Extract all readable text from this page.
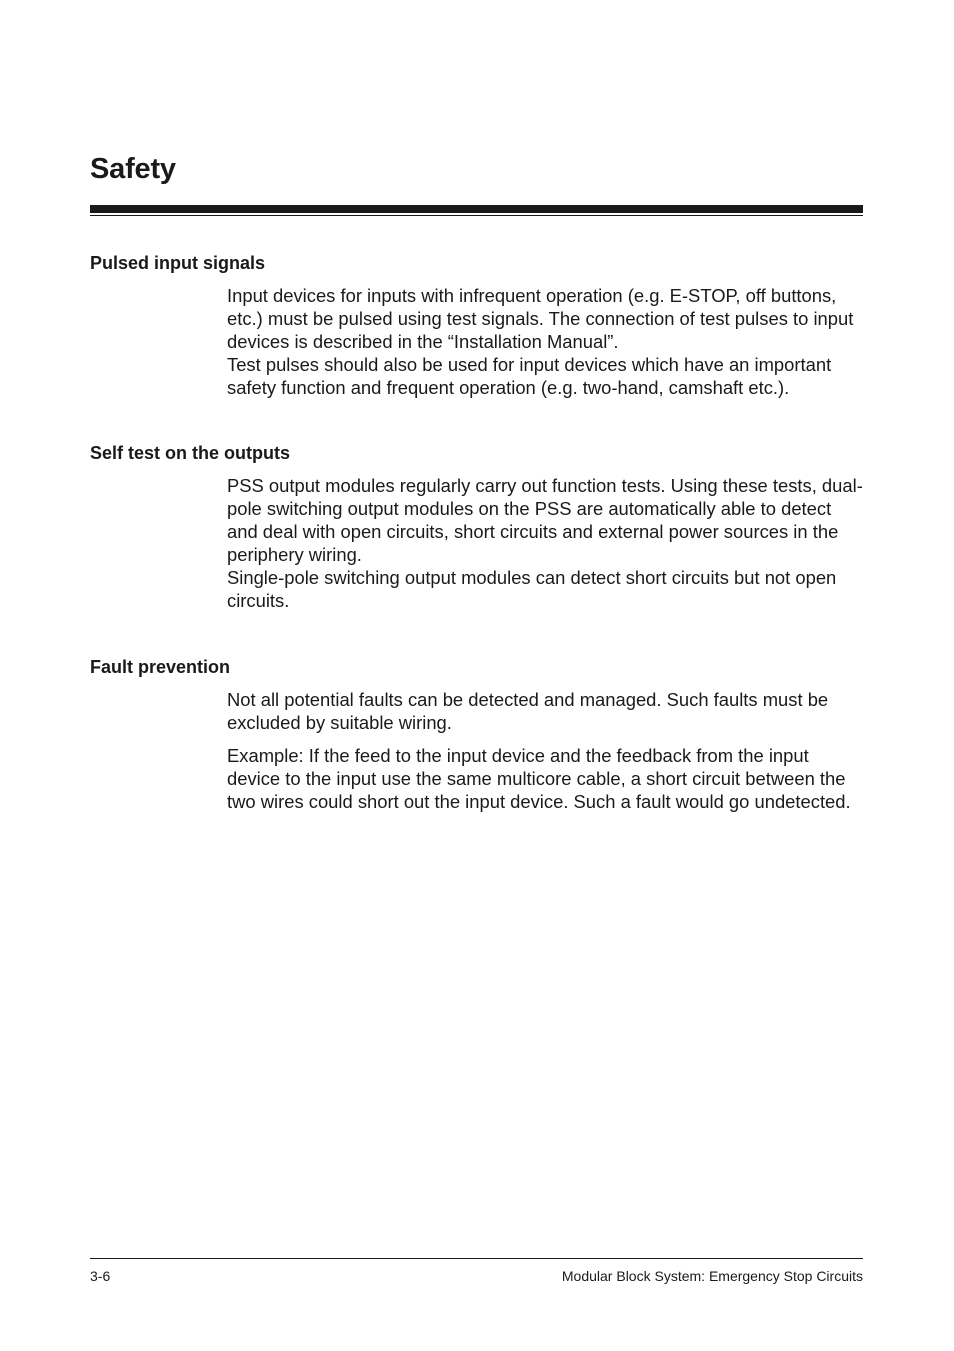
Safety
Pulsed input signals

Input devices for inputs with infrequent operation (e.g. E-STOP, off buttons, etc.) must be pulsed using test signals. The connection of test pulses to input devices is described in the “Installation Manual”.

Test pulses should also be used for input devices which have an important safety function and frequent operation (e.g. two-hand, camshaft etc.).

Self test on the outputs

PSS output modules regularly carry out function tests. Using these tests, dual-pole switching output modules on the PSS are automatically able to detect and deal with open circuits, short circuits and external power sources in the periphery wiring.

Single-pole switching output modules can detect short circuits but not open circuits.

Fault prevention

Not all potential faults can be detected and managed. Such faults must be excluded by suitable wiring.

Example: If the feed to the input device and the feedback from the input device to the input use the same multicore cable, a short circuit between the two wires could short out the input device. Such a fault would go undetected.

3-6	Modular Block System: Emergency Stop Circuits
